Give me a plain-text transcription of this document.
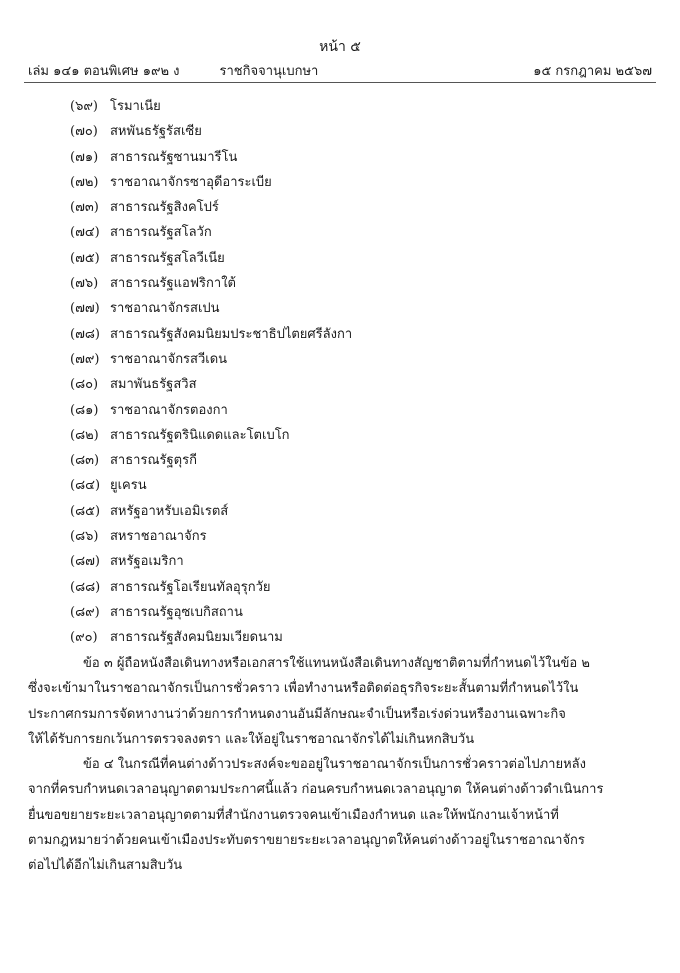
หน้า ๕
เล่ม ๑๔๑ ตอนพิเศษ ๑๙๒ ง	ราชกิจจานุเบกษา	๑๕ กรกฎาคม ๒๕๖๗
(๖๙) โรมาเนีย
(๗๐) สหพันธรัฐรัสเซีย
(๗๑) สาธารณรัฐซานมารีโน
(๗๒) ราชอาณาจักรซาอุดีอาระเบีย
(๗๓) สาธารณรัฐสิงคโปร์
(๗๔) สาธารณรัฐสโลวัก
(๗๕) สาธารณรัฐสโลวีเนีย
(๗๖) สาธารณรัฐแอฟริกาใต้
(๗๗) ราชอาณาจักรสเปน
(๗๘) สาธารณรัฐสังคมนิยมประชาธิปไตยศรีลังกา
(๗๙) ราชอาณาจักรสวีเดน
(๘๐) สมาพันธรัฐสวิส
(๘๑) ราชอาณาจักรตองกา
(๘๒) สาธารณรัฐตรินิแดดและโตเบโก
(๘๓) สาธารณรัฐตุรกี
(๘๔) ยูเครน
(๘๕) สหรัฐอาหรับเอมิเรตส์
(๘๖) สหราชอาณาจักร
(๘๗) สหรัฐอเมริกา
(๘๘) สาธารณรัฐโอเรียนทัลอุรุกวัย
(๘๙) สาธารณรัฐอุซเบกิสถาน
(๙๐) สาธารณรัฐสังคมนิยมเวียดนาม

ข้อ ๓ ผู้ถือหนังสือเดินทางหรือเอกสารใช้แทนหนังสือเดินทางสัญชาติตามที่กำหนดไว้ในข้อ ๒
ซึ่งจะเข้ามาในราชอาณาจักรเป็นการชั่วคราว เพื่อทำงานหรือติดต่อธุรกิจระยะสั้นตามที่กำหนดไว้ใน
ประกาศกรมการจัดหางานว่าด้วยการกำหนดงานอันมีลักษณะจำเป็นหรือเร่งด่วนหรืองานเฉพาะกิจ
ให้ได้รับการยกเว้นการตรวจลงตรา และให้อยู่ในราชอาณาจักรได้ไม่เกินหกสิบวัน

ข้อ ๔ ในกรณีที่คนต่างด้าวประสงค์จะขออยู่ในราชอาณาจักรเป็นการชั่วคราวต่อไปภายหลัง
จากที่ครบกำหนดเวลาอนุญาตตามประกาศนี้แล้ว ก่อนครบกำหนดเวลาอนุญาต ให้คนต่างด้าวดำเนินการ
ยื่นขอขยายระยะเวลาอนุญาตตามที่สำนักงานตรวจคนเข้าเมืองกำหนด และให้พนักงานเจ้าหน้าที่
ตามกฎหมายว่าด้วยคนเข้าเมืองประทับตราขยายระยะเวลาอนุญาตให้คนต่างด้าวอยู่ในราชอาณาจักร
ต่อไปได้อีกไม่เกินสามสิบวัน
